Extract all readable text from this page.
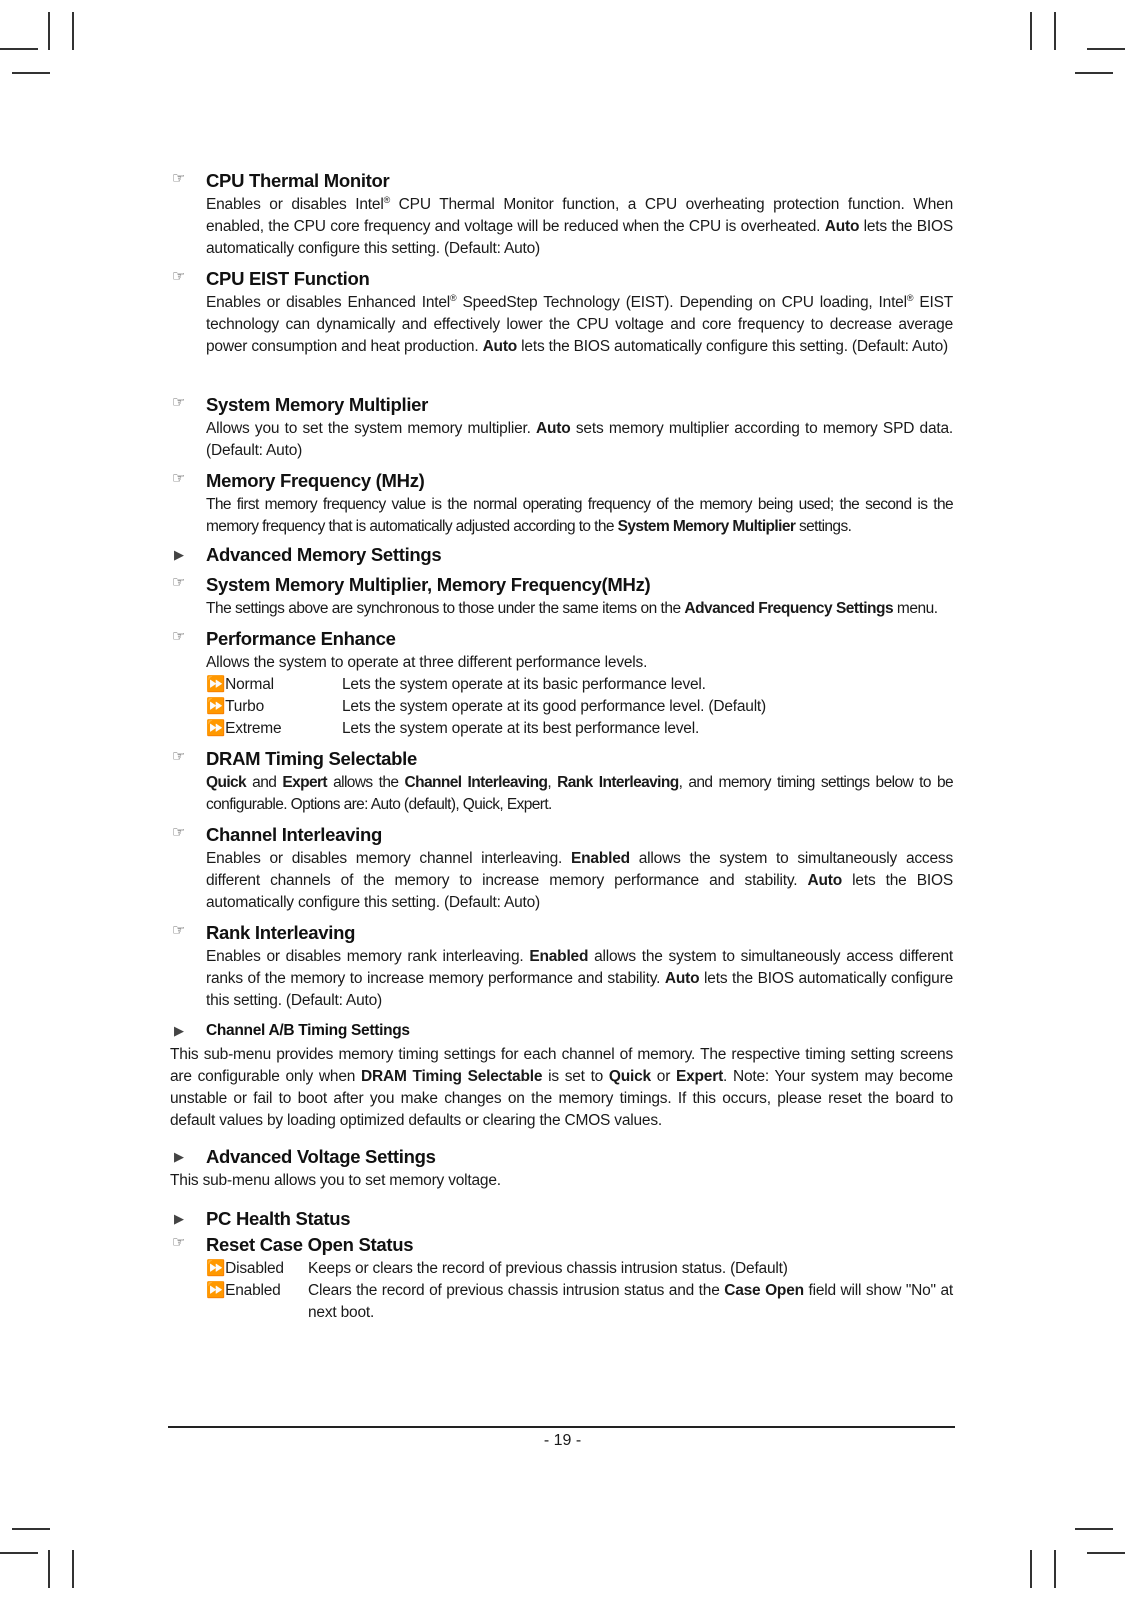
☞	CPU Thermal Monitor
Enables or disables Intel® CPU Thermal Monitor function, a CPU overheating protection function. When enabled, the CPU core frequency and voltage will be reduced when the CPU is overheated. Auto lets the BIOS automatically configure this setting. (Default: Auto)
☞	CPU EIST Function
Enables or disables Enhanced Intel® SpeedStep Technology (EIST). Depending on CPU loading, Intel® EIST technology can dynamically and effectively lower the CPU voltage and core frequency to decrease average power consumption and heat production. Auto lets the BIOS automatically configure this setting. (Default: Auto)
☞	System Memory Multiplier
Allows you to set the system memory multiplier. Auto sets memory multiplier according to memory SPD data. (Default: Auto)
☞	Memory Frequency (MHz)
The first memory frequency value is the normal operating frequency of the memory being used; the second is the memory frequency that is automatically adjusted according to the System Memory Multiplier settings.
▶	Advanced Memory Settings
☞	System Memory Multiplier, Memory Frequency(MHz)
The settings above are synchronous to those under the same items on the Advanced Frequency Settings menu.
☞	Performance Enhance
Allows the system to operate at three different performance levels.
⏩Normal	Lets the system operate at its basic performance level.
⏩Turbo	Lets the system operate at its good performance level. (Default)
⏩Extreme	Lets the system operate at its best performance level.
☞	DRAM Timing Selectable
Quick and Expert allows the Channel Interleaving, Rank Interleaving, and memory timing settings below to be configurable. Options are: Auto (default), Quick, Expert.
☞	Channel Interleaving
Enables or disables memory channel interleaving. Enabled allows the system to simultaneously access different channels of the memory to increase memory performance and stability. Auto lets the BIOS automatically configure this setting. (Default: Auto)
☞	Rank Interleaving
Enables or disables memory rank interleaving. Enabled allows the system to simultaneously access different ranks of the memory to increase memory performance and stability. Auto lets the BIOS automatically configure this setting. (Default: Auto)
▶	Channel A/B Timing Settings
This sub-menu provides memory timing settings for each channel of memory. The respective timing setting screens are configurable only when DRAM Timing Selectable is set to Quick or Expert. Note: Your system may become unstable or fail to boot after you make changes on the memory timings. If this occurs, please reset the board to default values by loading optimized defaults or clearing the CMOS values.
▶	Advanced Voltage Settings
This sub-menu allows you to set memory voltage.
▶	PC Health Status
☞	Reset Case Open Status
⏩Disabled	Keeps or clears the record of previous chassis intrusion status. (Default)
⏩Enabled	Clears the record of previous chassis intrusion status and the Case Open field will show "No" at next boot.
- 19 -
